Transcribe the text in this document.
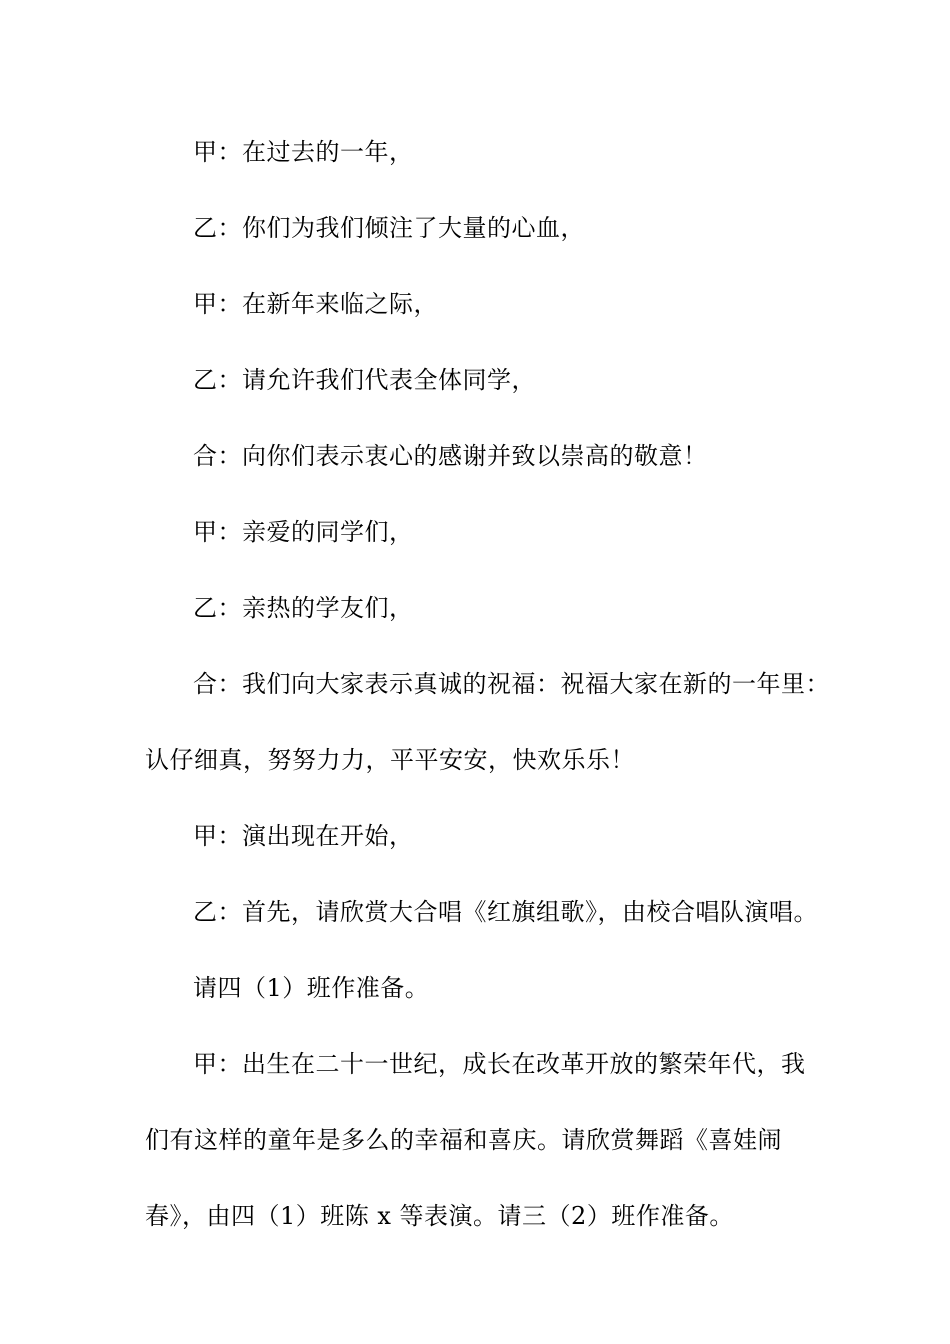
甲：在过去的一年，
乙：你们为我们倾注了大量的心血，
甲：在新年来临之际，
乙：请允许我们代表全体同学，
合：向你们表示衷心的感谢并致以崇高的敬意！
甲：亲爱的同学们，
乙：亲热的学友们，
合：我们向大家表示真诚的祝福：祝福大家在新的一年里：
认仔细真，努努力力，平平安安，快欢乐乐！
甲：演出现在开始，
乙：首先，请欣赏大合唱《红旗组歌》，由校合唱队演唱。
请四（1）班作准备。
甲：出生在二十一世纪，成长在改革开放的繁荣年代，我
们有这样的童年是多么的幸福和喜庆。请欣赏舞蹈《喜娃闹
春》，由四（1）班陈 x 等表演。请三（2）班作准备。
